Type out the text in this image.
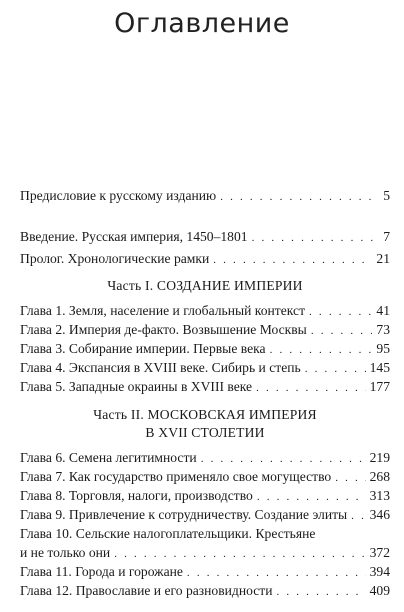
Оглавление
Предисловие к русскому изданию . . .	5
Введение. Русская империя, 1450–1801 . . .	7
Пролог. Хронологические рамки . . .	21
Часть I. СОЗДАНИЕ ИМПЕРИИ
Глава 1. Земля, население и глобальный контекст . . .	41
Глава 2. Империя де-факто. Возвышение Москвы . . .	73
Глава 3. Собирание империи. Первые века . . .	95
Глава 4. Экспансия в XVIII веке. Сибирь и степь . . .	145
Глава 5. Западные окраины в XVIII веке . . .	177
Часть II. МОСКОВСКАЯ ИМПЕРИЯ
В XVII СТОЛЕТИИ
Глава 6. Семена легитимности . . .	219
Глава 7. Как государство применяло свое могущество . . .	268
Глава 8. Торговля, налоги, производство . . .	313
Глава 9. Привлечение к сотрудничеству. Создание элиты . . . 346
Глава 10. Сельские налогоплательщики. Крестьяне
и не только они . . .	372
Глава 11. Города и горожане . . .	394
Глава 12. Православие и его разновидности . . .	409
